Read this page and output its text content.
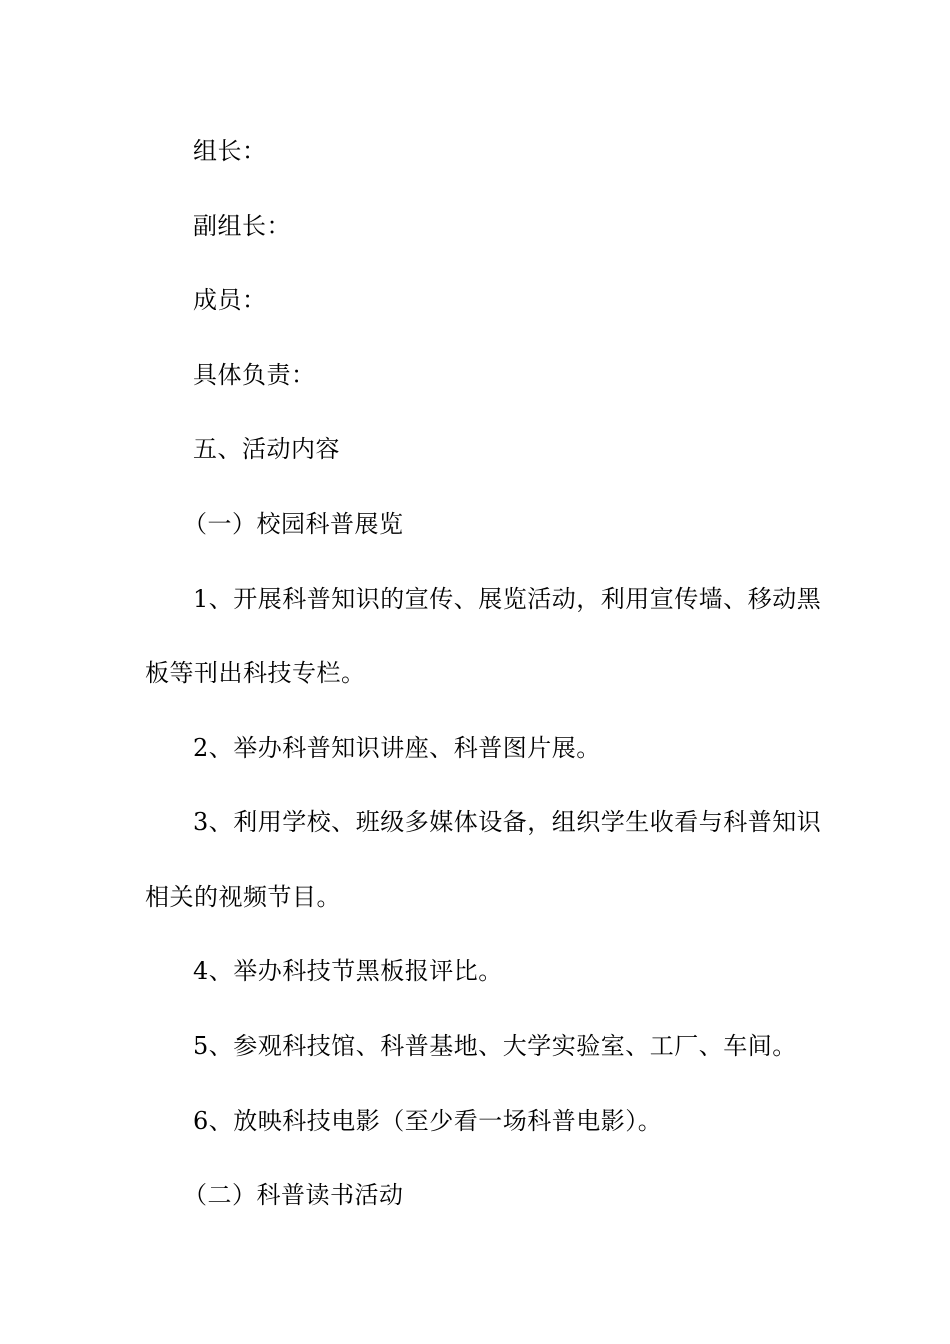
组长：
副组长：
成员：
具体负责：
五、活动内容
（一）校园科普展览
1、开展科普知识的宣传、展览活动，利用宣传墙、移动黑
板等刊出科技专栏。
2、举办科普知识讲座、科普图片展。
3、利用学校、班级多媒体设备，组织学生收看与科普知识
相关的视频节目。
4、举办科技节黑板报评比。
5、参观科技馆、科普基地、大学实验室、工厂、车间。
6、放映科技电影（至少看一场科普电影）。
（二）科普读书活动
